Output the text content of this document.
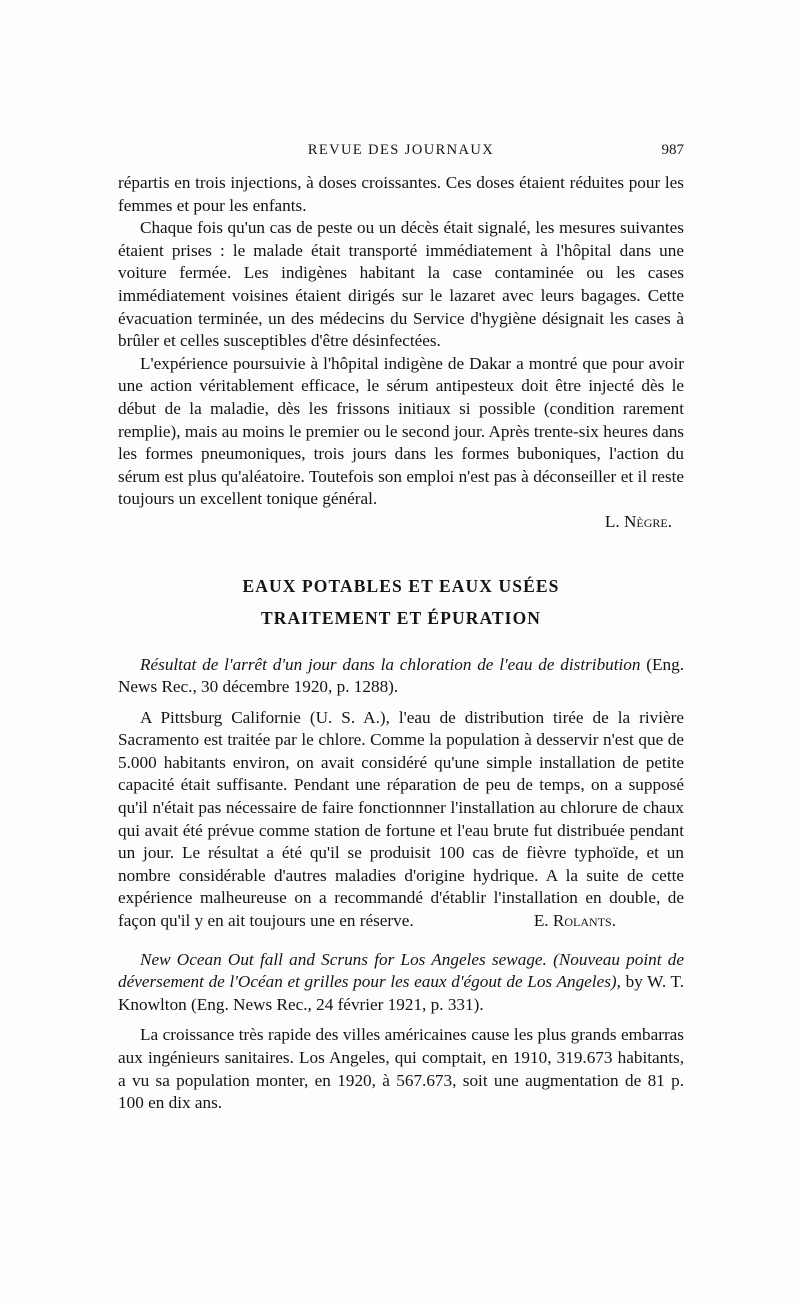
REVUE DES JOURNAUX	987

répartis en trois injections, à doses croissantes. Ces doses étaient réduites pour les femmes et pour les enfants.

Chaque fois qu'un cas de peste ou un décès était signalé, les mesures suivantes étaient prises : le malade était transporté immédiatement à l'hôpital dans une voiture fermée. Les indigènes habitant la case contaminée ou les cases immédiatement voisines étaient dirigés sur le lazaret avec leurs bagages. Cette évacuation terminée, un des médecins du Service d'hygiène désignait les cases à brûler et celles susceptibles d'être désinfectées.

L'expérience poursuivie à l'hôpital indigène de Dakar a montré que pour avoir une action véritablement efficace, le sérum antipesteux doit être injecté dès le début de la maladie, dès les frissons initiaux si possible (condition rarement remplie), mais au moins le premier ou le second jour. Après trente-six heures dans les formes pneumoniques, trois jours dans les formes buboniques, l'action du sérum est plus qu'aléatoire. Toutefois son emploi n'est pas à déconseiller et il reste toujours un excellent tonique général.

L. Nègre.
EAUX POTABLES ET EAUX USÉES
TRAITEMENT ET ÉPURATION

Résultat de l'arrêt d'un jour dans la chloration de l'eau de distribution (Eng. News Rec., 30 décembre 1920, p. 1288).

A Pittsburg Californie (U. S. A.), l'eau de distribution tirée de la rivière Sacramento est traitée par le chlore. Comme la population à desservir n'est que de 5.000 habitants environ, on avait considéré qu'une simple installation de petite capacité était suffisante. Pendant une réparation de peu de temps, on a supposé qu'il n'était pas nécessaire de faire fonctionnner l'installation au chlorure de chaux qui avait été prévue comme station de fortune et l'eau brute fut distribuée pendant un jour. Le résultat a été qu'il se produisit 100 cas de fièvre typhoïde, et un nombre considérable d'autres maladies d'origine hydrique. A la suite de cette expérience malheureuse on a recommandé d'établir l'installation en double, de façon qu'il y en ait toujours une en réserve.	E. Rolants.

New Ocean Out fall and Scruns for Los Angeles sewage. (Nouveau point de déversement de l'Océan et grilles pour les eaux d'égout de Los Angeles), by W. T. Knowlton (Eng. News Rec., 24 février 1921, p. 331).

La croissance très rapide des villes américaines cause les plus grands embarras aux ingénieurs sanitaires. Los Angeles, qui comptait, en 1910, 319.673 habitants, a vu sa population monter, en 1920, à 567.673, soit une augmentation de 81 p. 100 en dix ans.
